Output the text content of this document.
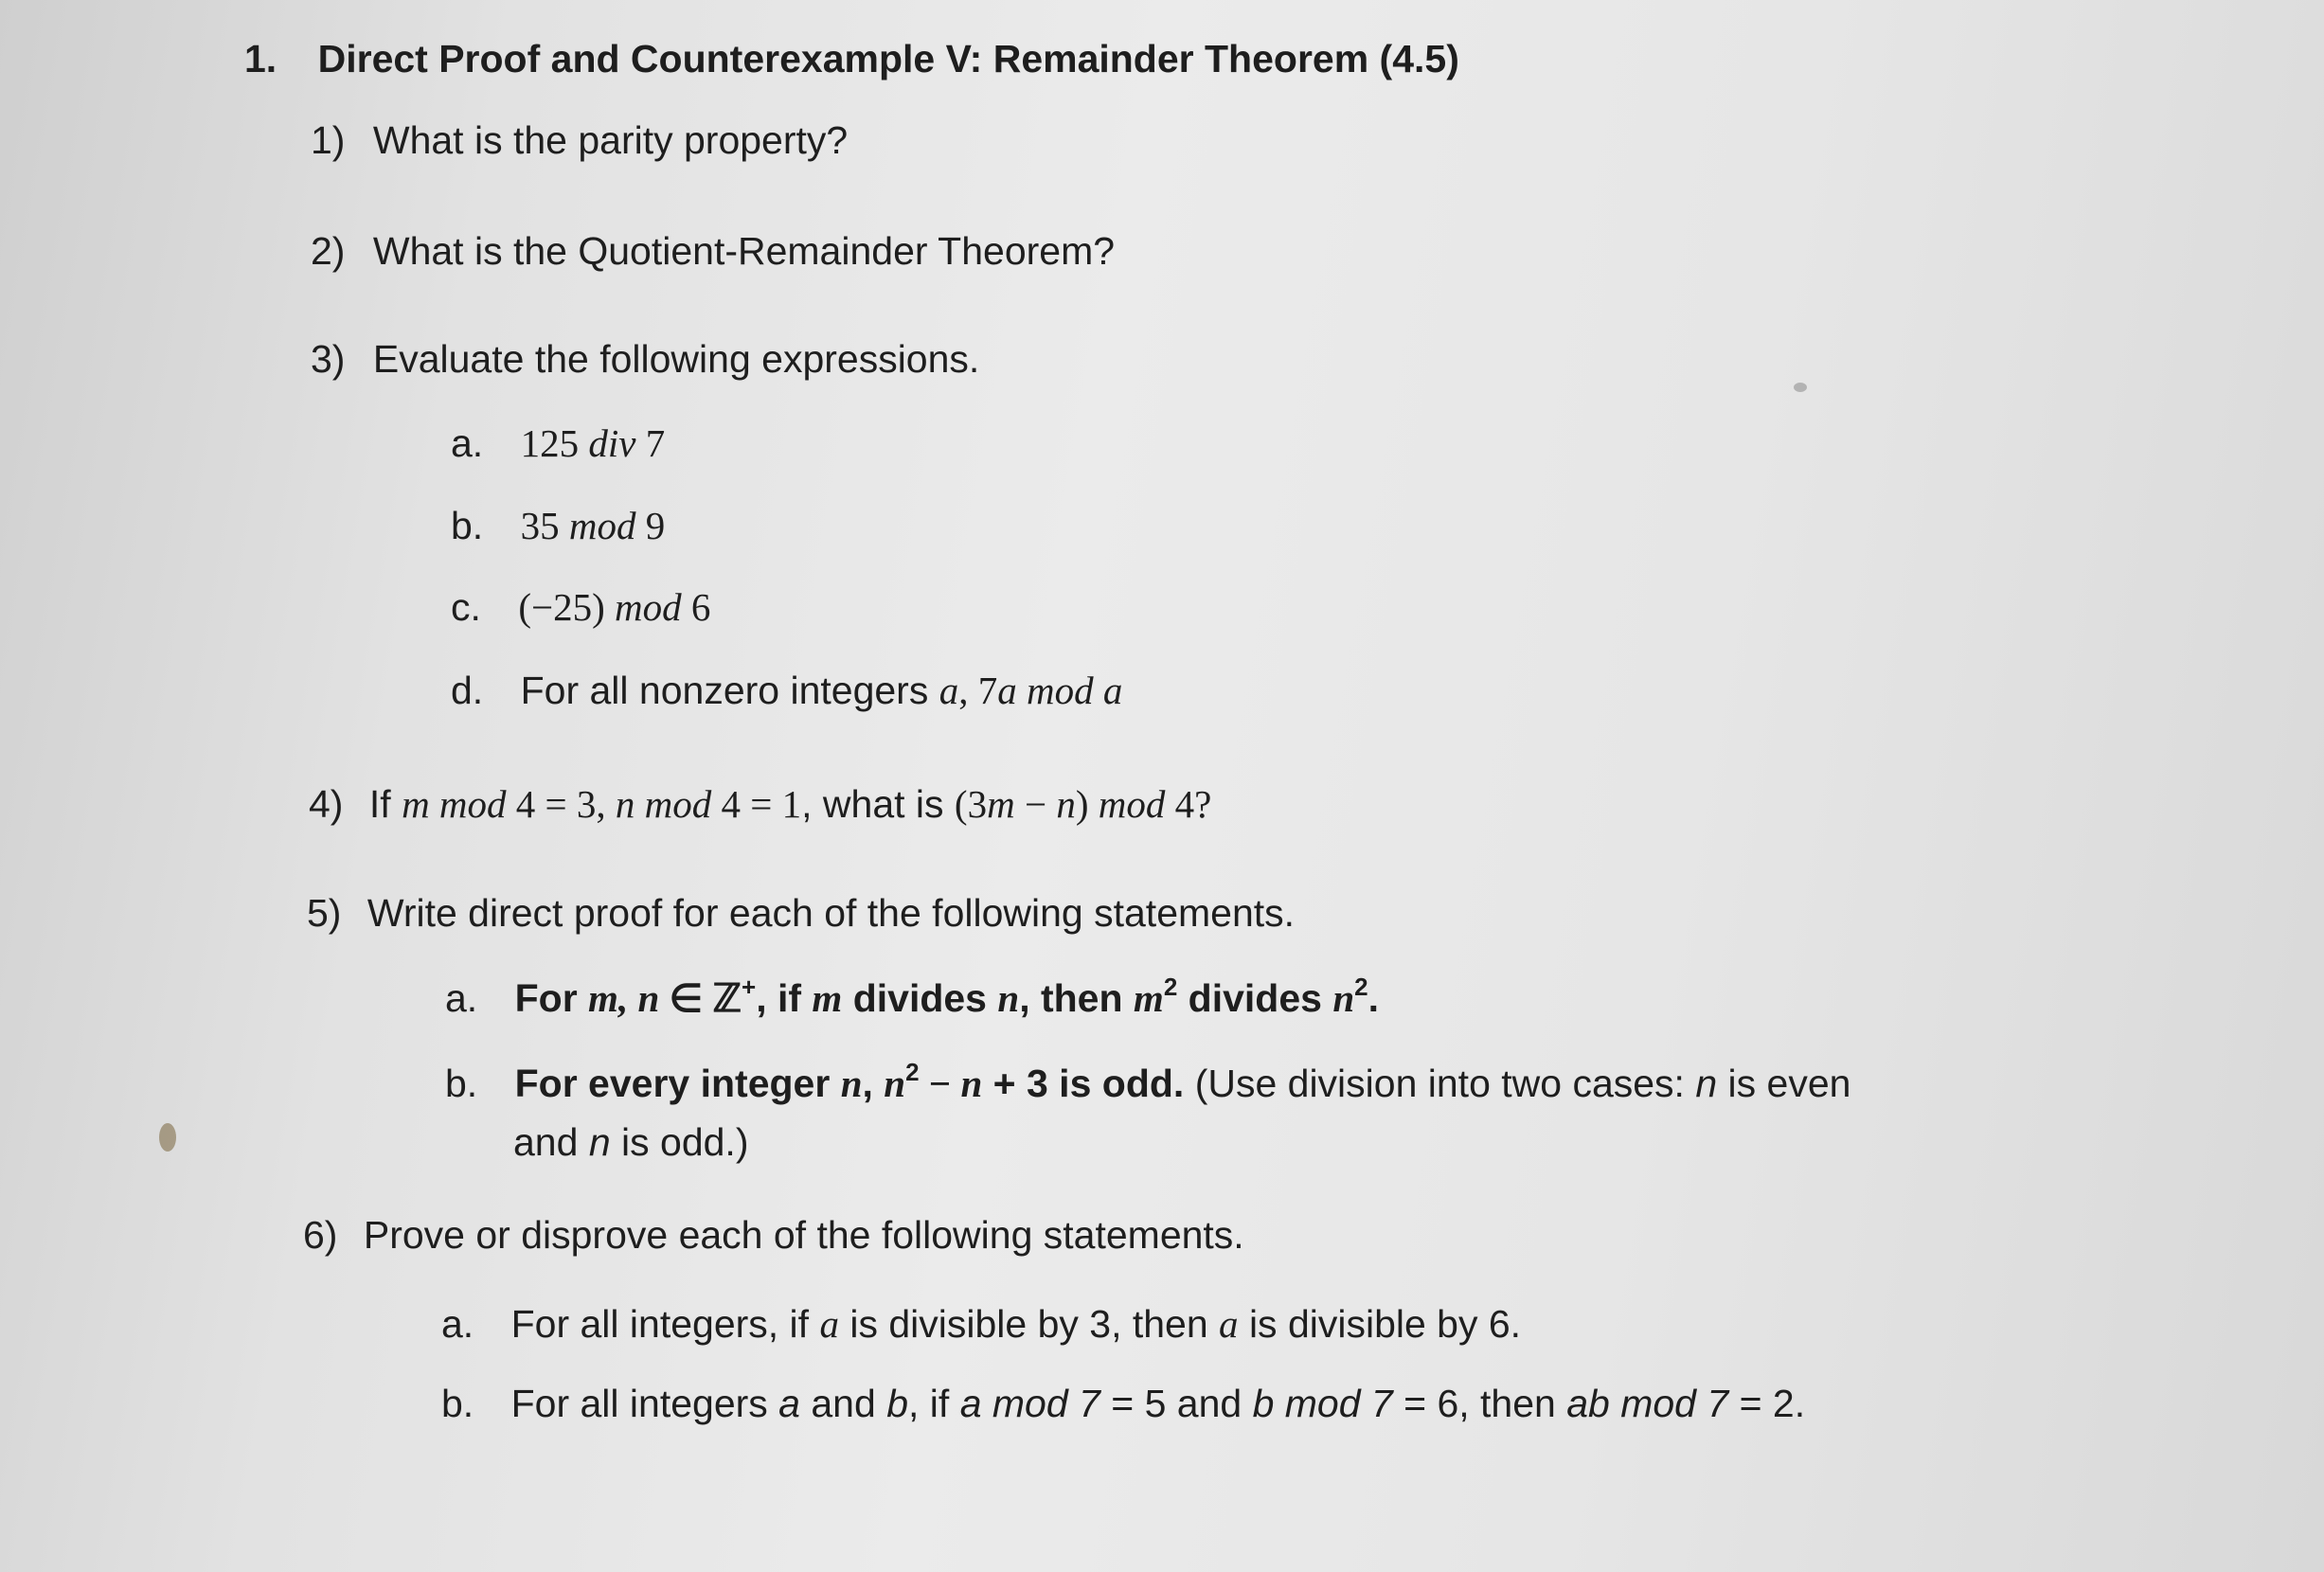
1. Direct Proof and Counterexample V: Remainder Theorem (4.5)
1) What is the parity property?
2) What is the Quotient-Remainder Theorem?
3) Evaluate the following expressions.
a. 125 div 7
b. 35 mod 9
c. (−25) mod 6
d. For all nonzero integers a, 7a mod a
4) If m mod 4 = 3, n mod 4 = 1, what is (3m − n) mod 4?
5) Write direct proof for each of the following statements.
a. For m, n ∈ ℤ+, if m divides n, then $m^2$ divides $n^2$.
b. For every integer n, $n^2 - n + 3$ is odd. (Use division into two cases: n is even
and n is odd.)
6) Prove or disprove each of the following statements.
a. For all integers, if a is divisible by 3, then a is divisible by 6.
b. For all integers a and b, if a mod 7 = 5 and b mod 7 = 6, then ab mod 7 = 2.
